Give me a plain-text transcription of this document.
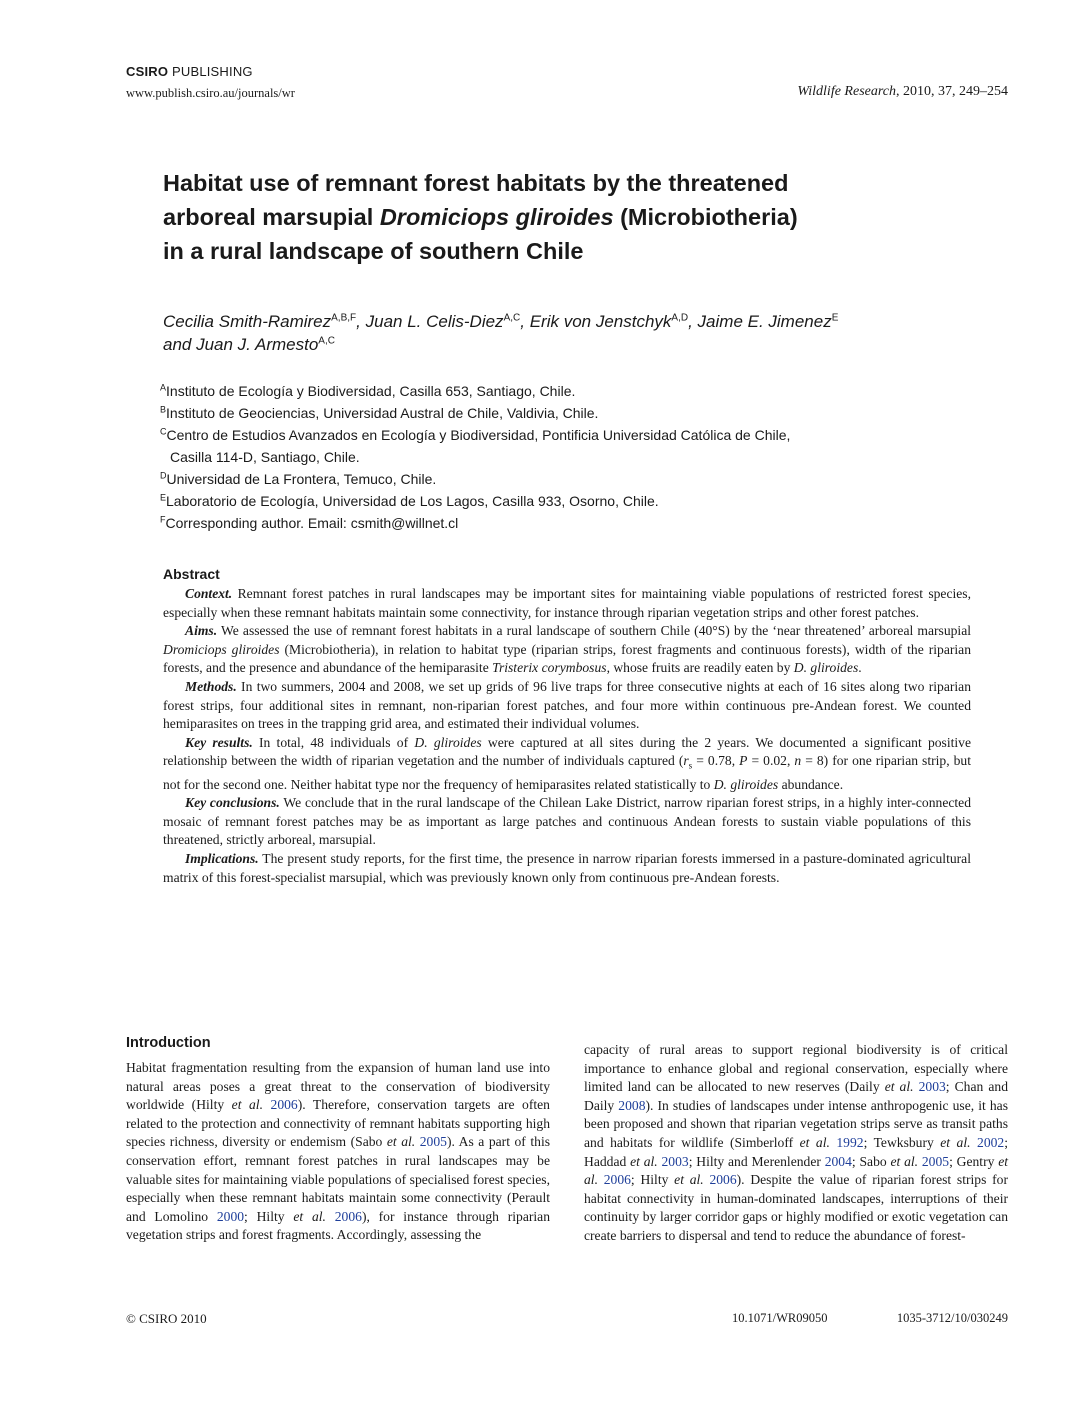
CSIRO PUBLISHING
www.publish.csiro.au/journals/wr	Wildlife Research, 2010, 37, 249–254
Habitat use of remnant forest habitats by the threatened
arboreal marsupial Dromiciops gliroides (Microbiotheria)
in a rural landscape of southern Chile
Cecilia Smith-Ramirez$^{A,B,F}$, Juan L. Celis-Diez$^{A,C}$, Erik von Jenstchyk$^{A,D}$, Jaime E. Jimenez$^E$
and Juan J. Armesto$^{A,C}$
$^A$Instituto de Ecología y Biodiversidad, Casilla 653, Santiago, Chile.
$^B$Instituto de Geociencias, Universidad Austral de Chile, Valdivia, Chile.
$^C$Centro de Estudios Avanzados en Ecología y Biodiversidad, Pontificia Universidad Católica de Chile,
Casilla 114-D, Santiago, Chile.
$^D$Universidad de La Frontera, Temuco, Chile.
$^E$Laboratorio de Ecología, Universidad de Los Lagos, Casilla 933, Osorno, Chile.
$^F$Corresponding author. Email: csmith@willnet.cl
Abstract

Context. Remnant forest patches in rural landscapes may be important sites for maintaining viable populations of restricted forest species, especially when these remnant habitats maintain some connectivity, for instance through riparian vegetation strips and other forest patches.

Aims. We assessed the use of remnant forest habitats in a rural landscape of southern Chile (40°S) by the ‘near threatened’ arboreal marsupial Dromiciops gliroides (Microbiotheria), in relation to habitat type (riparian strips, forest fragments and continuous forests), width of the riparian forests, and the presence and abundance of the hemiparasite Tristerix corymbosus, whose fruits are readily eaten by D. gliroides.

Methods. In two summers, 2004 and 2008, we set up grids of 96 live traps for three consecutive nights at each of 16 sites along two riparian forest strips, four additional sites in remnant, non-riparian forest patches, and four more within continuous pre-Andean forest. We counted hemiparasites on trees in the trapping grid area, and estimated their individual volumes.

Key results. In total, 48 individuals of D. gliroides were captured at all sites during the 2 years. We documented a significant positive relationship between the width of riparian vegetation and the number of individuals captured ($r_s = 0.78$, P = 0.02, n = 8) for one riparian strip, but not for the second one. Neither habitat type nor the frequency of hemiparasites related statistically to D. gliroides abundance.

Key conclusions. We conclude that in the rural landscape of the Chilean Lake District, narrow riparian forest strips, in a highly inter-connected mosaic of remnant forest patches may be as important as large patches and continuous Andean forests to sustain viable populations of this threatened, strictly arboreal, marsupial.

Implications. The present study reports, for the first time, the presence in narrow riparian forests immersed in a pasture-dominated agricultural matrix of this forest-specialist marsupial, which was previously known only from continuous pre-Andean forests.

Introduction

Habitat fragmentation resulting from the expansion of human land use into natural areas poses a great threat to the conservation of biodiversity worldwide (Hilty et al. 2006). Therefore, conservation targets are often related to the protection and connectivity of remnant habitats supporting high species richness, diversity or endemism (Sabo et al. 2005). As a part of this conservation effort, remnant forest patches in rural landscapes may be valuable sites for maintaining viable populations of specialised forest species, especially when these remnant habitats maintain some connectivity (Perault and Lomolino 2000; Hilty et al. 2006), for instance through riparian vegetation strips and forest fragments. Accordingly, assessing the

capacity of rural areas to support regional biodiversity is of critical importance to enhance global and regional conservation, especially where limited land can be allocated to new reserves (Daily et al. 2003; Chan and Daily 2008). In studies of landscapes under intense anthropogenic use, it has been proposed and shown that riparian vegetation strips serve as transit paths and habitats for wildlife (Simberloff et al. 1992; Tewksbury et al. 2002; Haddad et al. 2003; Hilty and Merenlender 2004; Sabo et al. 2005; Gentry et al. 2006; Hilty et al. 2006). Despite the value of riparian forest strips for habitat connectivity in human-dominated landscapes, interruptions of their continuity by larger corridor gaps or highly modified or exotic vegetation can create barriers to dispersal and tend to reduce the abundance of forest-

© CSIRO 2010	10.1071/WR09050	1035-3712/10/030249
